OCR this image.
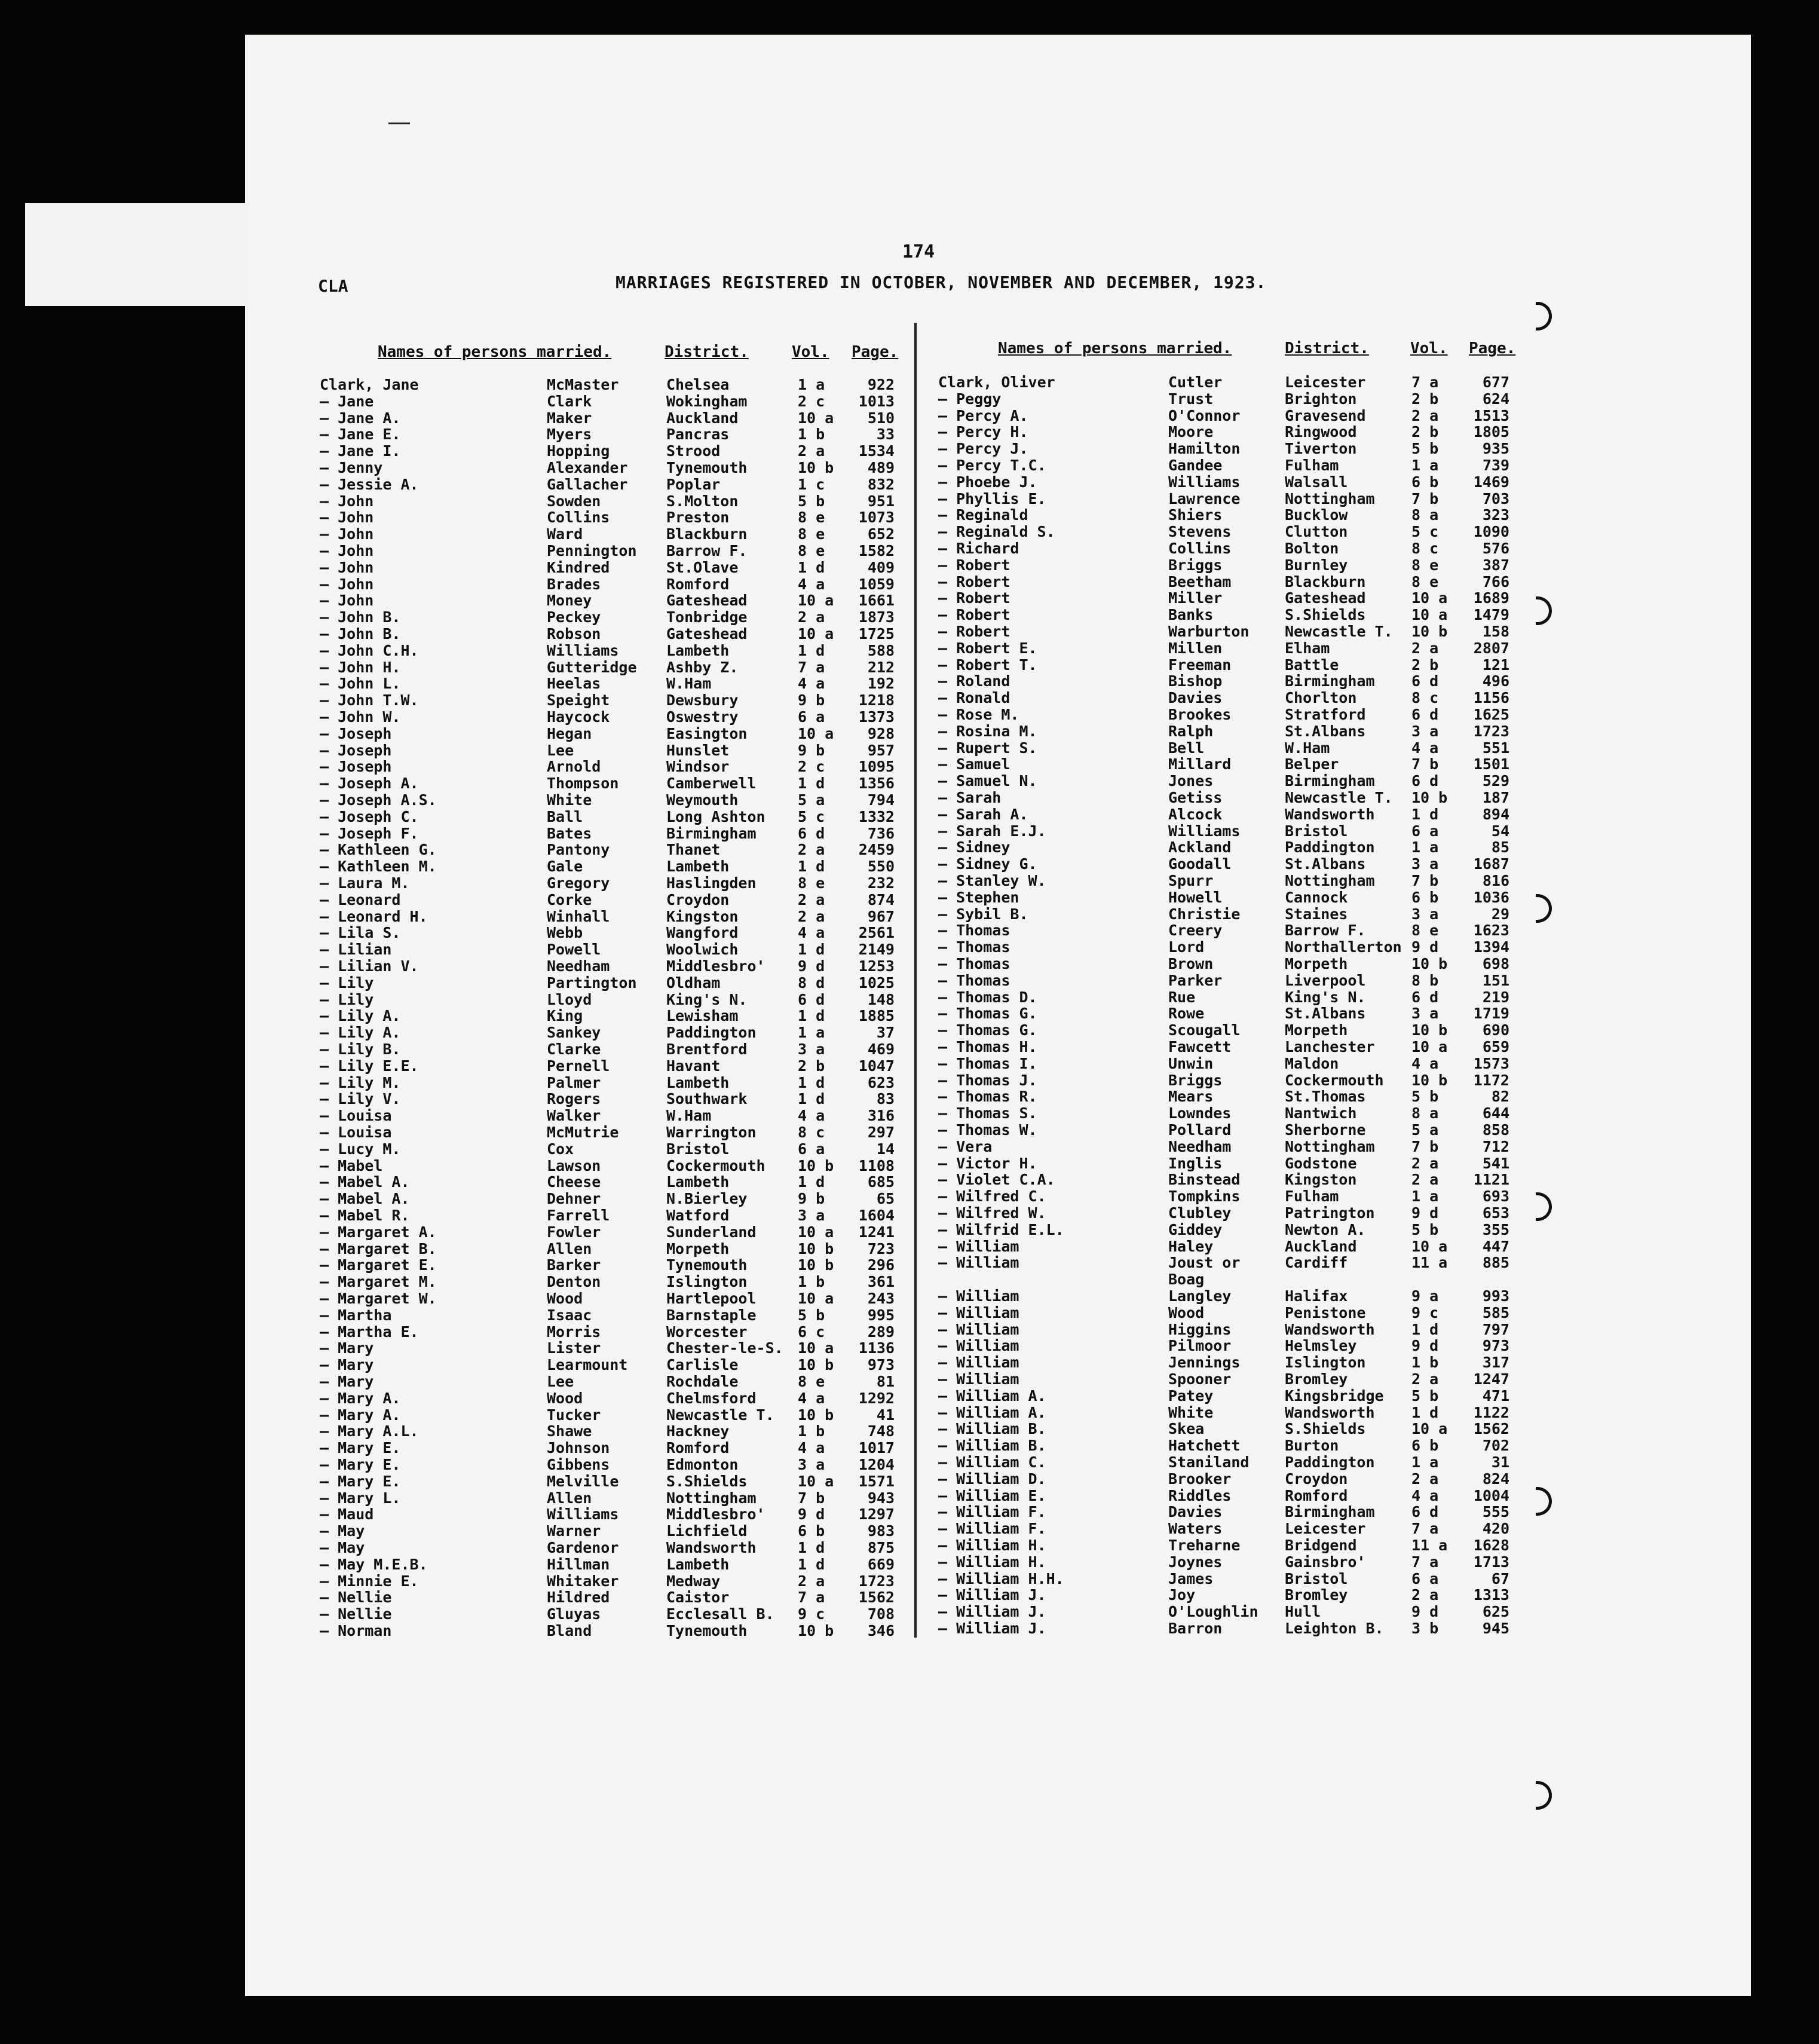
174
CLA	MARRIAGES REGISTERED IN OCTOBER, NOVEMBER AND DECEMBER, 1923.
Names of persons married.	District.	Vol. Page.	Names of persons married.	District.	Vol. Page.
Clark, Jane	McMaster	Chelsea	1 a	922
— Jane	Clark	Wokingham	2 c 1013
— Jane A.	Maker	Auckland	10 a 510
— Jane E.	Myers	Pancras	1 b	33
— Jane I.	Hopping	Strood	2 a 1534
— Jenny	Alexander	Tynemouth	10 b 489
— Jessie A.	Gallacher	Poplar	1 c	832
— John	Sowden	S.Molton	5 b	951
— John	Collins	Preston	8 e 1073
— John	Ward	Blackburn	8 e	652
— John	Pennington Barrow F.	8 e 1582
— John	Kindred	St.Olave	1 d	409
— John	Brades	Romford	4 a 1059
— John	Money	Gateshead	10 a 1661
— John B.	Peckey	Tonbridge	2 a 1873
— John B.	Robson	Gateshead	10 a 1725
— John C.H.	Williams	Lambeth	1 d	588
— John H.	Gutteridge Ashby Z.	7 a	212
— John L.	Heelas	W.Ham	4 a	192
— John T.W.	Speight	Dewsbury	9 b 1218
— John W.	Haycock	Oswestry	6 a 1373
— Joseph	Hegan	Easington	10 a 928
— Joseph	Lee	Hunslet	9 b	957
— Joseph	Arnold	Windsor	2 c 1095
— Joseph A.	Thompson	Camberwell	1 d 1356
— Joseph A.S.	White	Weymouth	5 a	794
— Joseph C.	Ball	Long Ashton 5 c 1332
— Joseph F.	Bates	Birmingham	6 d	736
— Kathleen G.	Pantony	Thanet	2 a 2459
— Kathleen M.	Gale	Lambeth	1 d	550
— Laura M.	Gregory	Haslingden	8 e	232
— Leonard	Corke	Croydon	2 a	874
— Leonard H.	Winhall	Kingston	2 a	967
— Lila S.	Webb	Wangford	4 a 2561
— Lilian	Powell	Woolwich	1 d 2149
— Lilian V.	Needham	Middlesbro' 9 d 1253
— Lily	Partington Oldham	8 d 1025
— Lily	Lloyd	King's N.	6 d	148
— Lily A.	King	Lewisham	1 d 1885
— Lily A.	Sankey	Paddington	1 a	37
— Lily B.	Clarke	Brentford	3 a	469
— Lily E.E.	Pernell	Havant	2 b 1047
— Lily M.	Palmer	Lambeth	1 d	623
— Lily V.	Rogers	Southwark	1 d	83
— Louisa	Walker	W.Ham	4 a	316
— Louisa	McMutrie	Warrington	8 c	297
— Lucy M.	Cox	Bristol	6 a	14
— Mabel	Lawson	Cockermouth 10 b 1108
— Mabel A.	Cheese	Lambeth	1 d	685
— Mabel A.	Dehner	N.Bierley	9 b	65
— Mabel R.	Farrell	Watford	3 a 1604
— Margaret A.	Fowler	Sunderland	10 a 1241
— Margaret B.	Allen	Morpeth	10 b 723
— Margaret E.	Barker	Tynemouth	10 b 296
— Margaret M.	Denton	Islington	1 b	361
— Margaret W.	Wood	Hartlepool	10 a 243
— Martha	Isaac	Barnstaple	5 b	995
— Martha E.	Morris	Worcester	6 c	289
— Mary	Lister	Chester-le-S. 10 a 1136
— Mary	Learmount	Carlisle	10 b 973
— Mary	Lee	Rochdale	8 e	81
— Mary A.	Wood	Chelmsford	4 a 1292
— Mary A.	Tucker	Newcastle T. 10 b	41
— Mary A.L.	Shawe	Hackney	1 b	748
— Mary E.	Johnson	Romford	4 a 1017
— Mary E.	Gibbens	Edmonton	3 a 1204
— Mary E.	Melville	S.Shields	10 a 1571
— Mary L.	Allen	Nottingham	7 b	943
— Maud	Williams	Middlesbro' 9 d 1297
— May	Warner	Lichfield	6 b	983
— May	Gardenor	Wandsworth	1 d	875
— May M.E.B.	Hillman	Lambeth	1 d	669
— Minnie E.	Whitaker	Medway	2 a 1723
— Nellie	Hildred	Caistor	7 a 1562
— Nellie	Gluyas	Ecclesall B. 9 c	708
— Norman	Bland	Tynemouth	10 b 346
Clark, Oliver	Cutler	Leicester	7 a	677
— Peggy	Trust	Brighton	2 b	624
— Percy A.	O'Connor	Gravesend	2 a 1513
— Percy H.	Moore	Ringwood	2 b 1805
— Percy J.	Hamilton	Tiverton	5 b	935
— Percy T.C.	Gandee	Fulham	1 a	739
— Phoebe J.	Williams	Walsall	6 b 1469
— Phyllis E.	Lawrence	Nottingham 7 b	703
— Reginald	Shiers	Bucklow	8 a	323
— Reginald S.	Stevens	Clutton	5 c 1090
— Richard	Collins	Bolton	8 c	576
— Robert	Briggs	Burnley	8 e	387
— Robert	Beetham	Blackburn	8 e	766
— Robert	Miller	Gateshead	10 a 1689
— Robert	Banks	S.Shields	10 a 1479
— Robert	Warburton Newcastle T. 10 b 158
— Robert E.	Millen	Elham	2 a 2807
— Robert T.	Freeman	Battle	2 b	121
— Roland	Bishop	Birmingham 6 d	496
— Ronald	Davies	Chorlton	8 c 1156
— Rose M.	Brookes	Stratford	6 d 1625
— Rosina M.	Ralph	St.Albans	3 a 1723
— Rupert S.	Bell	W.Ham	4 a	551
— Samuel	Millard	Belper	7 b 1501
— Samuel N.	Jones	Birmingham 6 d	529
— Sarah	Getiss	Newcastle T. 10 b 187
— Sarah A.	Alcock	Wandsworth 1 d	894
— Sarah E.J.	Williams	Bristol	6 a	54
— Sidney	Ackland	Paddington 1 a	85
— Sidney G.	Goodall	St.Albans	3 a 1687
— Stanley W.	Spurr	Nottingham 7 b	816
— Stephen	Howell	Cannock	6 b 1036
— Sybil B.	Christie	Staines	3 a	29
— Thomas	Creery	Barrow F.	8 e 1623
— Thomas	Lord	Northallerton 9 d 1394
— Thomas	Brown	Morpeth	10 b 698
— Thomas	Parker	Liverpool	8 b	151
— Thomas D.	Rue	King's N.	6 d	219
— Thomas G.	Rowe	St.Albans	3 a 1719
— Thomas G.	Scougall	Morpeth	10 b 690
— Thomas H.	Fawcett	Lanchester 10 a 659
— Thomas I.	Unwin	Maldon	4 a 1573
— Thomas J.	Briggs	Cockermouth 10 b 1172
— Thomas R.	Mears	St.Thomas	5 b	82
— Thomas S.	Lowndes	Nantwich	8 a	644
— Thomas W.	Pollard	Sherborne	5 a	858
— Vera	Needham	Nottingham 7 b	712
— Victor H.	Inglis	Godstone	2 a	541
— Violet C.A.	Binstead	Kingston	2 a 1121
— Wilfred C.	Tompkins	Fulham	1 a	693
— Wilfred W.	Clubley	Patrington 9 d	653
— Wilfrid E.L.	Giddey	Newton A.	5 b	355
— William	Haley	Auckland	10 a 447
— William	Joust or	Cardiff	11 a 885
Boag
— William	Langley	Halifax	9 a	993
— William	Wood	Penistone	9 c	585
— William	Higgins	Wandsworth 1 d	797
— William	Pilmoor	Helmsley	9 d	973
— William	Jennings	Islington	1 b	317
— William	Spooner	Bromley	2 a 1247
— William A.	Patey	Kingsbridge 5 b	471
— William A.	White	Wandsworth 1 d 1122
— William B.	Skea	S.Shields	10 a 1562
— William B.	Hatchett	Burton	6 b	702
— William C.	Staniland Paddington 1 a	31
— William D.	Brooker	Croydon	2 a	824
— William E.	Riddles	Romford	4 a 1004
— William F.	Davies	Birmingham 6 d	555
— William F.	Waters	Leicester	7 a	420
— William H.	Treharne	Bridgend	11 a 1628
— William H.	Joynes	Gainsbro'	7 a 1713
— William H.H.	James	Bristol	6 a	67
— William J.	Joy	Bromley	2 a 1313
— William J.	O'Loughlin Hull	9 d	625
— William J.	Barron	Leighton B. 3 b	945
